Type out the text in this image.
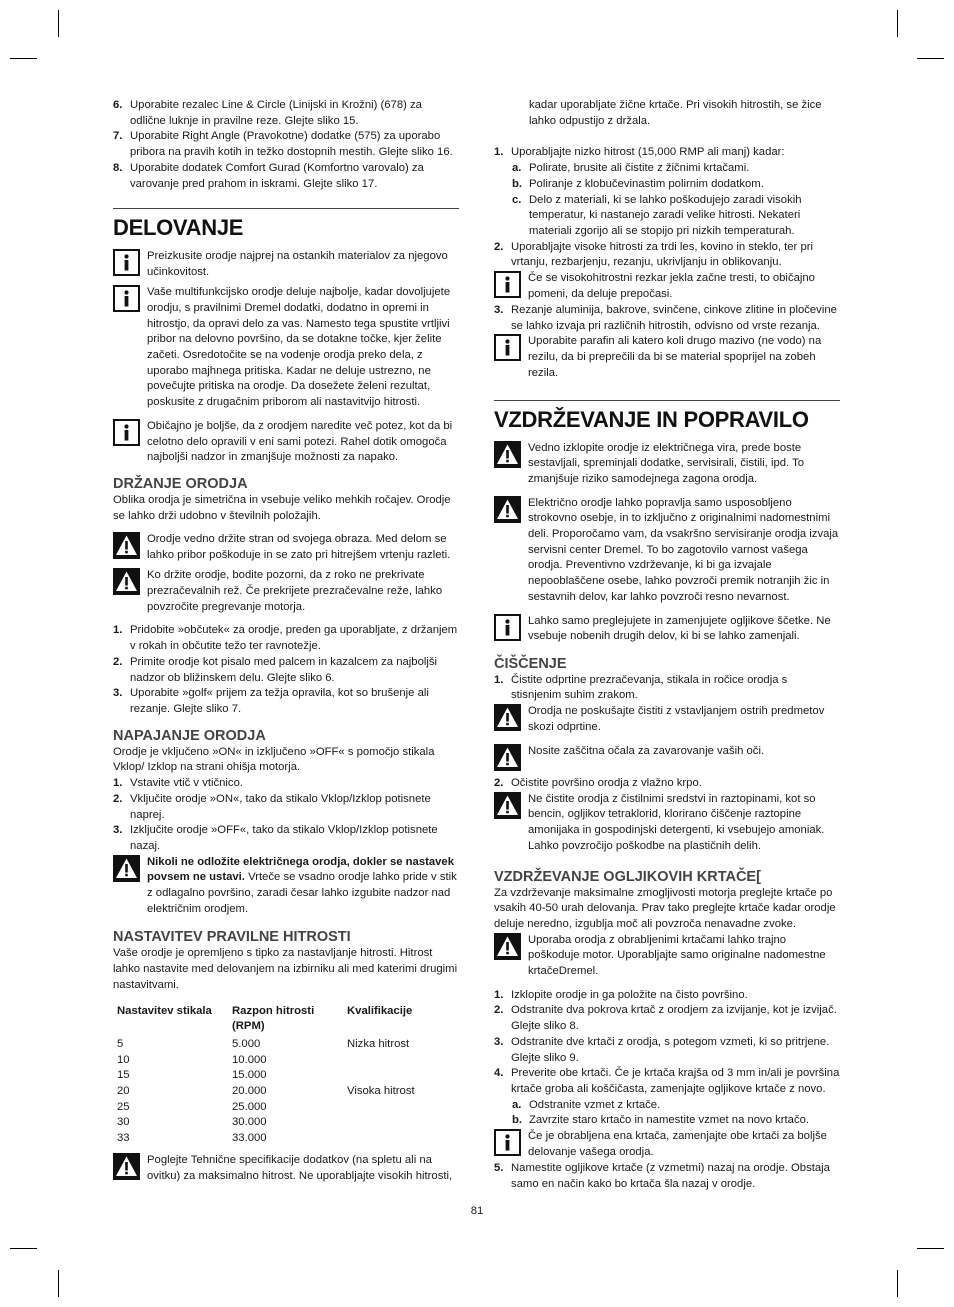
6. Uporabite rezalec Line & Circle (Linijski in Krožni) (678) za odlične luknje in pravilne reze. Glejte sliko 15.

7. Uporabite Right Angle (Pravokotne) dodatke (575) za uporabo pribora na pravih kotih in težko dostopnih mestih. Glejte sliko 16.

8. Uporabite dodatek Comfort Gurad (Komfortno varovalo) za varovanje pred prahom in iskrami. Glejte sliko 17.

DELOVANJE

Preizkusite orodje najprej na ostankih materialov za njegovo učinkovitost.

Vaše multifunkcijsko orodje deluje najbolje, kadar dovoljujete orodju, s pravilnimi Dremel dodatki, dodatno in opremi in hitrostjo, da opravi delo za vas. Namesto tega spustite vrtljivi pribor na delovno površino, da se dotakne točke, kjer želite začeti. Osredotočite se na vodenje orodja preko dela, z uporabo majhnega pritiska. Kadar ne deluje ustrezno, ne povečujte pritiska na orodje. Da dosežete želeni rezultat, poskusite z drugačnim priborom ali nastavitvijo hitrosti.

Običajno je boljše, da z orodjem naredite več potez, kot da bi celotno delo opravili v eni sami potezi. Rahel dotik omogoča najboljši nadzor in zmanjšuje možnosti za napako.

DRŽANJE ORODJA

Oblika orodja je simetrična in vsebuje veliko mehkih ročajev. Orodje se lahko drži udobno v številnih položajih.

Orodje vedno držite stran od svojega obraza. Med delom se lahko pribor poškoduje in se zato pri hitrejšem vrtenju razleti.

Ko držite orodje, bodite pozorni, da z roko ne prekrivate prezračevalnih rež. Če prekrijete prezračevalne reže, lahko povzročite pregrevanje motorja.

1. Pridobite »občutek« za orodje, preden ga uporabljate, z držanjem v rokah in občutite težo ter ravnotežje.

2. Primite orodje kot pisalo med palcem in kazalcem za najboljši nadzor ob bližinskem delu. Glejte sliko 6.

3. Uporabite »golf« prijem za težja opravila, kot so brušenje ali rezanje. Glejte sliko 7.

NAPAJANJE ORODJA

Orodje je vključeno »ON« in izključeno »OFF« s pomočjo stikala Vklop/ Izklop na strani ohišja motorja.

1. Vstavite vtič v vtičnico.

2. Vključite orodje »ON«, tako da stikalo Vklop/Izklop potisnete naprej.

3. Izključite orodje »OFF«, tako da stikalo Vklop/Izklop potisnete nazaj.

Nikoli ne odložite električnega orodja, dokler se nastavek povsem ne ustavi. Vrteče se vsadno orodje lahko pride v stik z odlagalno površino, zaradi česar lahko izgubite nadzor nad električnim orodjem.

NASTAVITEV PRAVILNE HITROSTI

Vaše orodje je opremljeno s tipko za nastavljanje hitrosti. Hitrost lahko nastavite med delovanjem na izbirniku ali med katerimi drugimi nastavitvami.

Nastavitev stikala	Razpon hitrosti (RPM)	Kvalifikacije
5	5.000	Nizka hitrost
10	10.000	
15	15.000	
20	20.000	Visoka hitrost
25	25.000	
30	30.000	
33	33.000	

Poglejte Tehnične specifikacije dodatkov (na spletu ali na ovitku) za maksimalno hitrost. Ne uporabljajte visokih hitrosti,

kadar uporabljate žične krtače. Pri visokih hitrostih, se žice lahko odpustijo z držala.

1. Uporabljajte nizko hitrost (15,000 RMP ali manj) kadar:

a. Polirate, brusite ali čistite z žičnimi krtačami.

b. Poliranje z klobučevinastim polirnim dodatkom.

c. Delo z materiali, ki se lahko poškodujejo zaradi visokih temperatur, ki nastanejo zaradi velike hitrosti. Nekateri materiali zgorijo ali se stopijo pri nizkih temperaturah.

2. Uporabljajte visoke hitrosti za trdi les, kovino in steklo, ter pri vrtanju, rezbarjenju, rezanju, ukrivljanju in oblikovanju.

Če se visokohitrostni rezkar jekla začne tresti, to običajno pomeni, da deluje prepočasi.

3. Rezanje aluminija, bakrove, svinčene, cinkove zlitine in pločevine se lahko izvaja pri različnih hitrostih, odvisno od vrste rezanja.

Uporabite parafin ali katero koli drugo mazivo (ne vodo) na rezilu, da bi preprečili da bi se material spoprijel na zobeh rezila.

VZDRŽEVANJE IN POPRAVILO

Vedno izklopite orodje iz električnega vira, prede boste sestavljali, spreminjali dodatke, servisirali, čistili, ipd. To zmanjšuje riziko samodejnega zagona orodja.

Električno orodje lahko popravlja samo usposobljeno strokovno osebje, in to izključno z originalnimi nadomestnimi deli. Proporočamo vam, da vsakršno servisiranje orodja izvaja servisni center Dremel. To bo zagotovilo varnost vašega orodja. Preventivno vzdrževanje, ki bi ga izvajale nepooblaščene osebe, lahko povzroči premik notranjih žic in sestavnih delov, kar lahko povzroči resno nevarnost.

Lahko samo preglejujete in zamenjujete ogljikove ščetke. Ne vsebuje nobenih drugih delov, ki bi se lahko zamenjali.

ČIŠČENJE
1. Čistite odprtine prezračevanja, stikala in ročice orodja s stisnjenim suhim zrakom.

Orodja ne poskušajte čistiti z vstavljanjem ostrih predmetov skozi odprtine.

Nosite zaščitna očala za zavarovanje vaših oči.

2. Očistite površino orodja z vlažno krpo.

Ne čistite orodja z čistilnimi sredstvi in raztopinami, kot so bencin, ogljikov tetraklorid, klorirano čiščenje raztopine amonijaka in gospodinjski detergenti, ki vsebujejo amoniak. Lahko povzročijo poškodbe na plastičnih delih.

VZDRŽEVANJE OGLJIKOVIH KRTAČE[

Za vzdrževanje maksimalne zmogljivosti motorja preglejte krtače po vsakih 40-50 urah delovanja. Prav tako preglejte krtače kadar orodje deluje neredno, izgublja moč ali povzroča nenavadne zvoke.

Uporaba orodja z obrabljenimi krtačami lahko trajno poškoduje motor. Uporabljajte samo originalne nadomestne krtačeDremel.

1. Izklopite orodje in ga položite na čisto površino.

2. Odstranite dva pokrova krtač z orodjem za izvijanje, kot je izvijač. Glejte sliko 8.

3. Odstranite dve krtači z orodja, s potegom vzmeti, ki so pritrjene. Glejte sliko 9.

4. Preverite obe krtači. Če je krtača krajša od 3 mm in/ali je površina krtače groba ali koščičasta, zamenjajte ogljikove krtače z novo.

a. Odstranite vzmet z krtače.

b. Zavrzite staro krtačo in namestite vzmet na novo krtačo.

Če je obrabljena ena krtača, zamenjajte obe krtači za boljše delovanje vašega orodja.

5. Namestite ogljikove krtače (z vzmetmi) nazaj na orodje. Obstaja samo en način kako bo krtača šla nazaj v orodje.

81
